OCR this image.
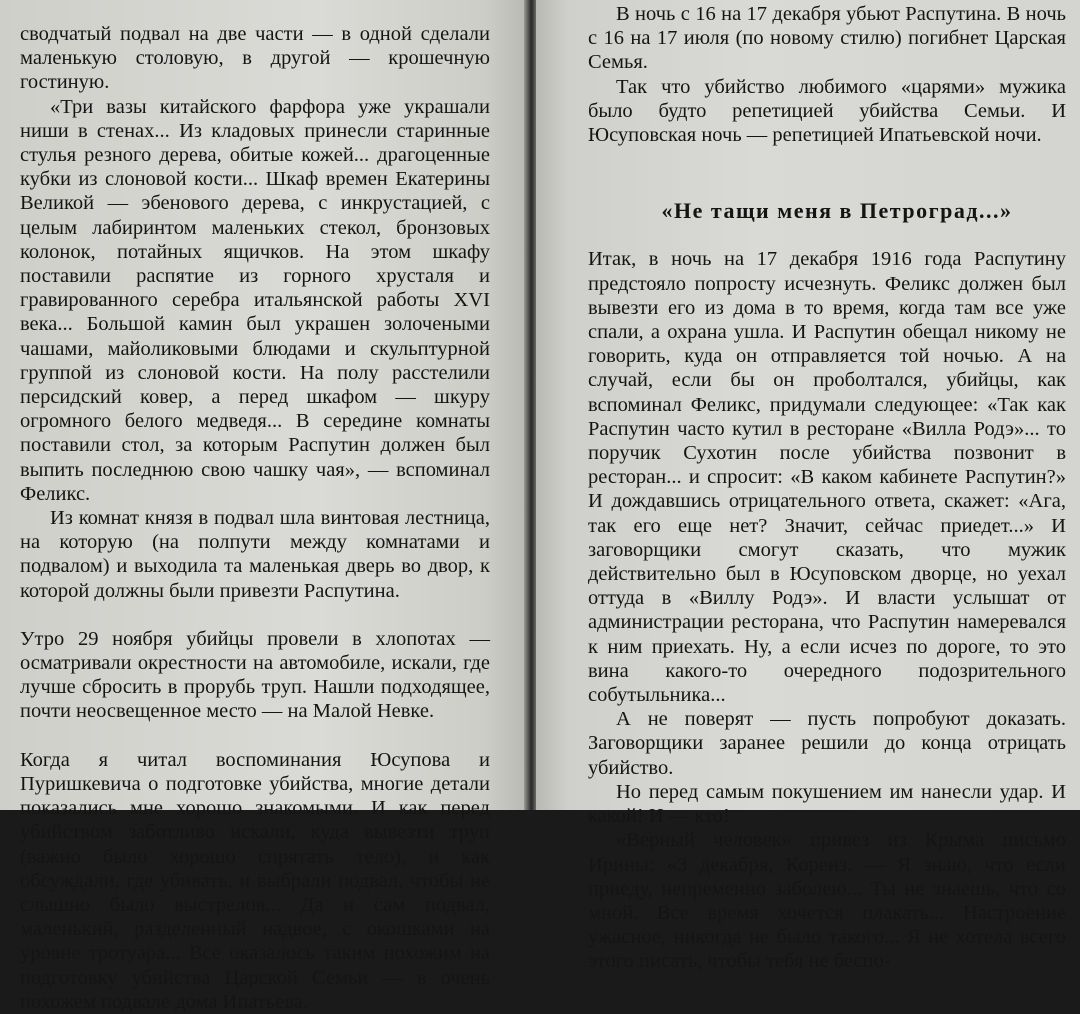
сводчатый подвал на две части — в одной сделали маленькую столовую, в другой — крошечную гостиную.

«Три вазы китайского фарфора уже украшали ниши в стенах... Из кладовых принесли старинные стулья резного дерева, обитые кожей... драгоценные кубки из слоновой кости... Шкаф времен Екатерины Великой — эбенового дерева, с инкрустацией, с целым лабиринтом маленьких стекол, бронзовых колонок, потайных ящичков. На этом шкафу поставили распятие из горного хрусталя и гравированного серебра итальянской работы XVI века... Большой камин был украшен золочеными чашами, майоликовыми блюдами и скульптурной группой из слоновой кости. На полу расстелили персидский ковер, а перед шкафом — шкуру огромного белого медведя... В середине комнаты поставили стол, за которым Распутин должен был выпить последнюю свою чашку чая», — вспоминал Феликс.

Из комнат князя в подвал шла винтовая лестница, на которую (на полпути между комнатами и подвалом) и выходила та маленькая дверь во двор, к которой должны были привезти Распутина.

Утро 29 ноября убийцы провели в хлопотах — осматривали окрестности на автомобиле, искали, где лучше сбросить в прорубь труп. Нашли подходящее, почти неосвещенное место — на Малой Невке.

Когда я читал воспоминания Юсупова и Пуришкевича о подготовке убийства, многие детали показались мне хорошо знакомыми. И как перед убийством заботливо искали, куда вывезти труп (важно было хорошо спрятать тело), и как обсуждали, где убивать, и выбрали подвал, чтобы не слышно было выстрелов... Да и сам подвал, маленький, разделенный надвое, с окошками на уровне тротуара... Все оказалось таким похожим на подготовку убийства Царской Семьи — в очень похожем подвале дома Ипатьева.

В ночь с 16 на 17 декабря убьют Распутина. В ночь с 16 на 17 июля (по новому стилю) погибнет Царская Семья.

Так что убийство любимого «царями» мужика было будто репетицией убийства Семьи. И Юсуповская ночь — репетицией Ипатьевской ночи.

«Не тащи меня в Петроград...»

Итак, в ночь на 17 декабря 1916 года Распутину предстояло попросту исчезнуть. Феликс должен был вывезти его из дома в то время, когда там все уже спали, а охрана ушла. И Распутин обещал никому не говорить, куда он отправляется той ночью. А на случай, если бы он проболтался, убийцы, как вспоминал Феликс, придумали следующее: «Так как Распутин часто кутил в ресторане «Вилла Родэ»... то поручик Сухотин после убийства позвонит в ресторан... и спросит: «В каком кабинете Распутин?» И дождавшись отрицательного ответа, скажет: «Ага, так его еще нет? Значит, сейчас приедет...» И заговорщики смогут сказать, что мужик действительно был в Юсуповском дворце, но уехал оттуда в «Виллу Родэ». И власти услышат от администрации ресторана, что Распутин намеревался к ним приехать. Ну, а если исчез по дороге, то это вина какого-то очередного подозрительного собутыльника...

А не поверят — пусть попробуют доказать. Заговорщики заранее решили до конца отрицать убийство.

Но перед самым покушением им нанесли удар. И какой! И — кто!

«Верный человек» привез из Крыма письмо Ирины: «3 декабря, Кореиз. — Я знаю, что если приеду, непременно заболею... Ты не знаешь, что со мной. Все время хочется плакать... Настроение ужасное, никогда не было такого... Я не хотела всего этого писать, чтобы тебя не беспо-
